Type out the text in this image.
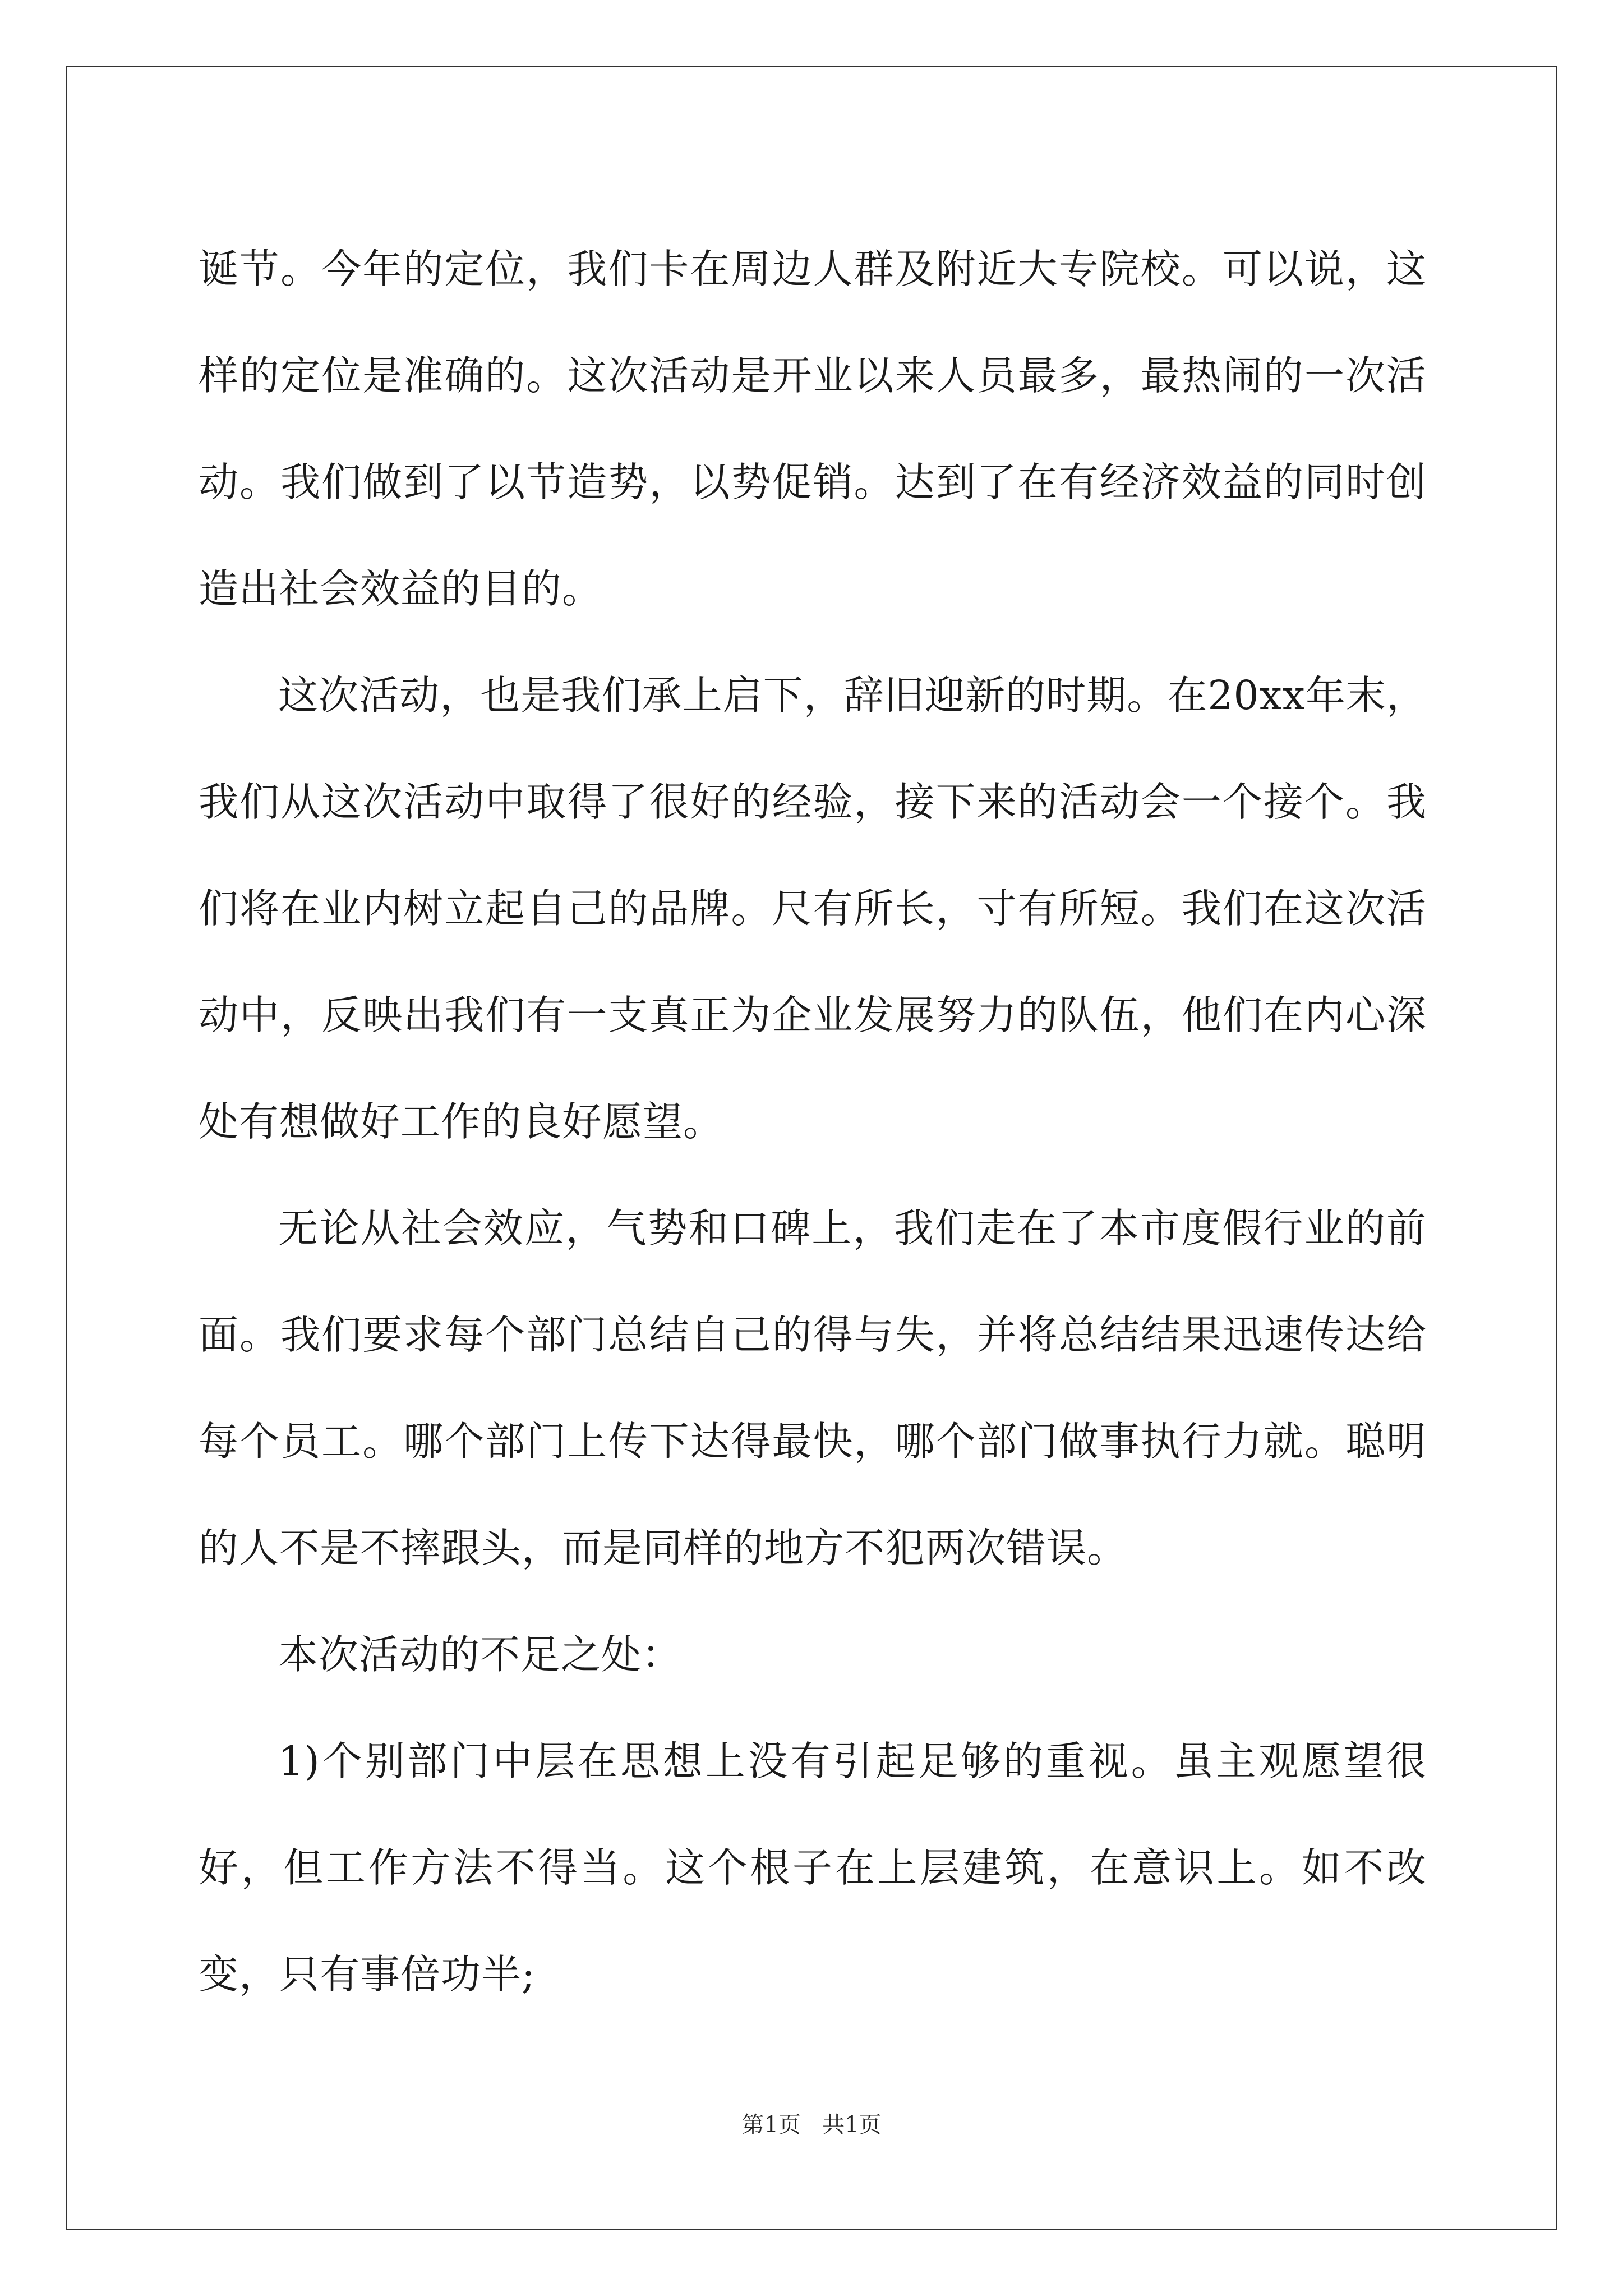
诞节。今年的定位，我们卡在周边人群及附近大专院校。可以说，这样的定位是准确的。这次活动是开业以来人员最多，最热闹的一次活动。我们做到了以节造势，以势促销。达到了在有经济效益的同时创造出社会效益的目的。

这次活动，也是我们承上启下，辞旧迎新的时期。在20xx年末，我们从这次活动中取得了很好的经验，接下来的活动会一个接个。我们将在业内树立起自己的品牌。尺有所长，寸有所短。我们在这次活动中，反映出我们有一支真正为企业发展努力的队伍，他们在内心深处有想做好工作的良好愿望。

无论从社会效应，气势和口碑上，我们走在了本市度假行业的前面。我们要求每个部门总结自己的得与失，并将总结结果迅速传达给每个员工。哪个部门上传下达得最快，哪个部门做事执行力就。聪明的人不是不摔跟头，而是同样的地方不犯两次错误。

本次活动的不足之处：

1)个别部门中层在思想上没有引起足够的重视。虽主观愿望很好，但工作方法不得当。这个根子在上层建筑，在意识上。如不改变，只有事倍功半;

第1页 共1页
